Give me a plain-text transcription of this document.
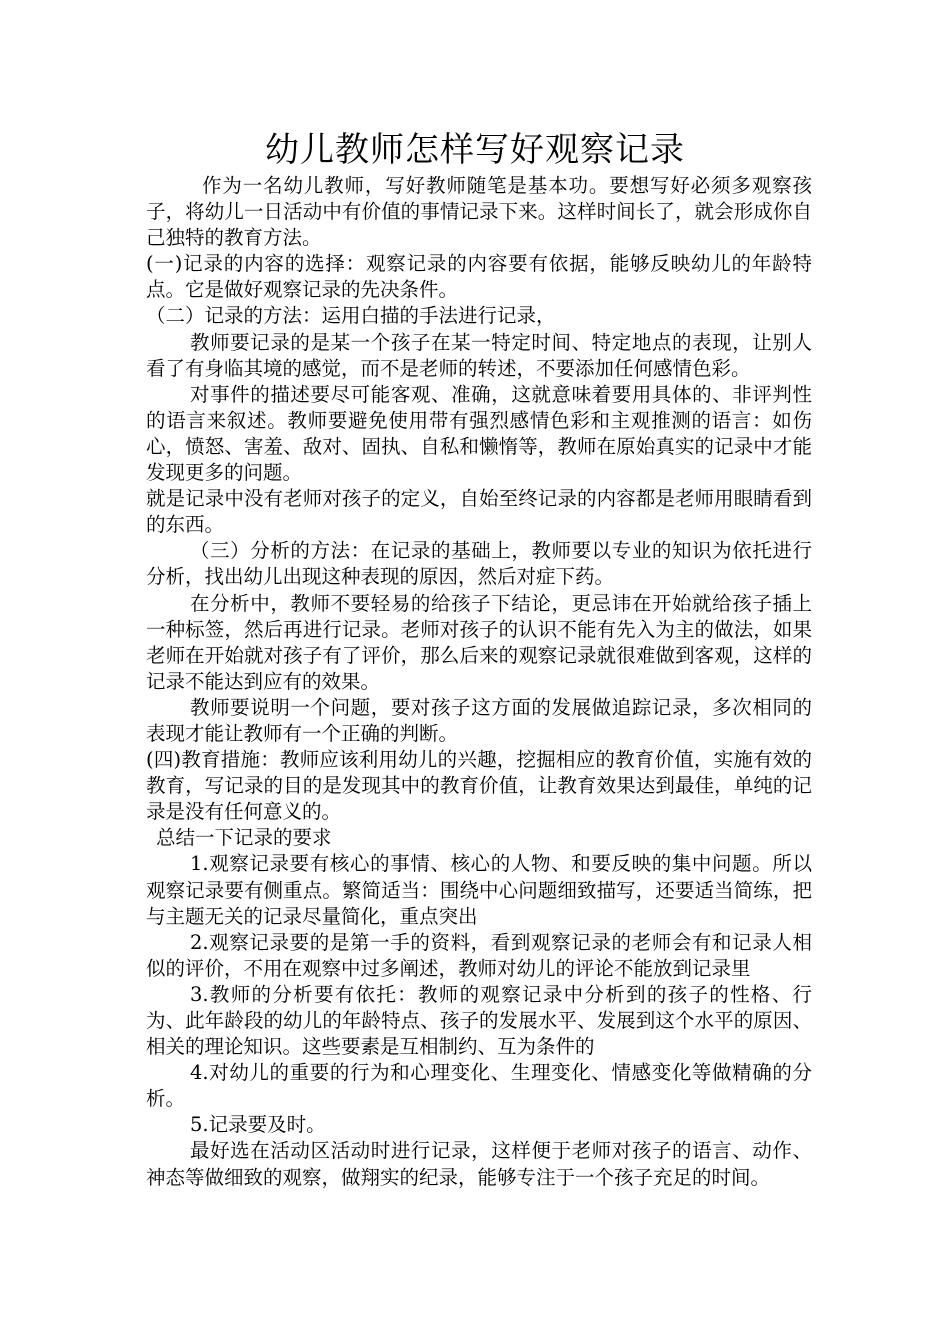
幼儿教师怎样写好观察记录

作为一名幼儿教师，写好教师随笔是基本功。要想写好必须多观察孩子，将幼儿一日活动中有价值的事情记录下来。这样时间长了，就会形成你自己独特的教育方法。

(一)记录的内容的选择：观察记录的内容要有依据，能够反映幼儿的年龄特点。它是做好观察记录的先决条件。

（二）记录的方法：运用白描的手法进行记录，

教师要记录的是某一个孩子在某一特定时间、特定地点的表现，让别人看了有身临其境的感觉，而不是老师的转述，不要添加任何感情色彩。

对事件的描述要尽可能客观、准确，这就意味着要用具体的、非评判性的语言来叙述。教师要避免使用带有强烈感情色彩和主观推测的语言：如伤心，愤怒、害羞、敌对、固执、自私和懒惰等，教师在原始真实的记录中才能发现更多的问题。

就是记录中没有老师对孩子的定义，自始至终记录的内容都是老师用眼睛看到的东西。

（三）分析的方法：在记录的基础上，教师要以专业的知识为依托进行分析，找出幼儿出现这种表现的原因，然后对症下药。

在分析中，教师不要轻易的给孩子下结论，更忌讳在开始就给孩子插上一种标签，然后再进行记录。老师对孩子的认识不能有先入为主的做法，如果老师在开始就对孩子有了评价，那么后来的观察记录就很难做到客观，这样的记录不能达到应有的效果。

教师要说明一个问题，要对孩子这方面的发展做追踪记录，多次相同的表现才能让教师有一个正确的判断。

(四)教育措施：教师应该利用幼儿的兴趣，挖掘相应的教育价值，实施有效的教育，写记录的目的是发现其中的教育价值，让教育效果达到最佳，单纯的记录是没有任何意义的。

总结一下记录的要求

1.观察记录要有核心的事情、核心的人物、和要反映的集中问题。所以观察记录要有侧重点。繁简适当：围绕中心问题细致描写，还要适当简练，把与主题无关的记录尽量简化，重点突出

2.观察记录要的是第一手的资料，看到观察记录的老师会有和记录人相似的评价，不用在观察中过多阐述，教师对幼儿的评论不能放到记录里

3.教师的分析要有依托：教师的观察记录中分析到的孩子的性格、行为、此年龄段的幼儿的年龄特点、孩子的发展水平、发展到这个水平的原因、相关的理论知识。这些要素是互相制约、互为条件的

4.对幼儿的重要的行为和心理变化、生理变化、情感变化等做精确的分析。

5.记录要及时。

最好选在活动区活动时进行记录，这样便于老师对孩子的语言、动作、神态等做细致的观察，做翔实的纪录，能够专注于一个孩子充足的时间。
